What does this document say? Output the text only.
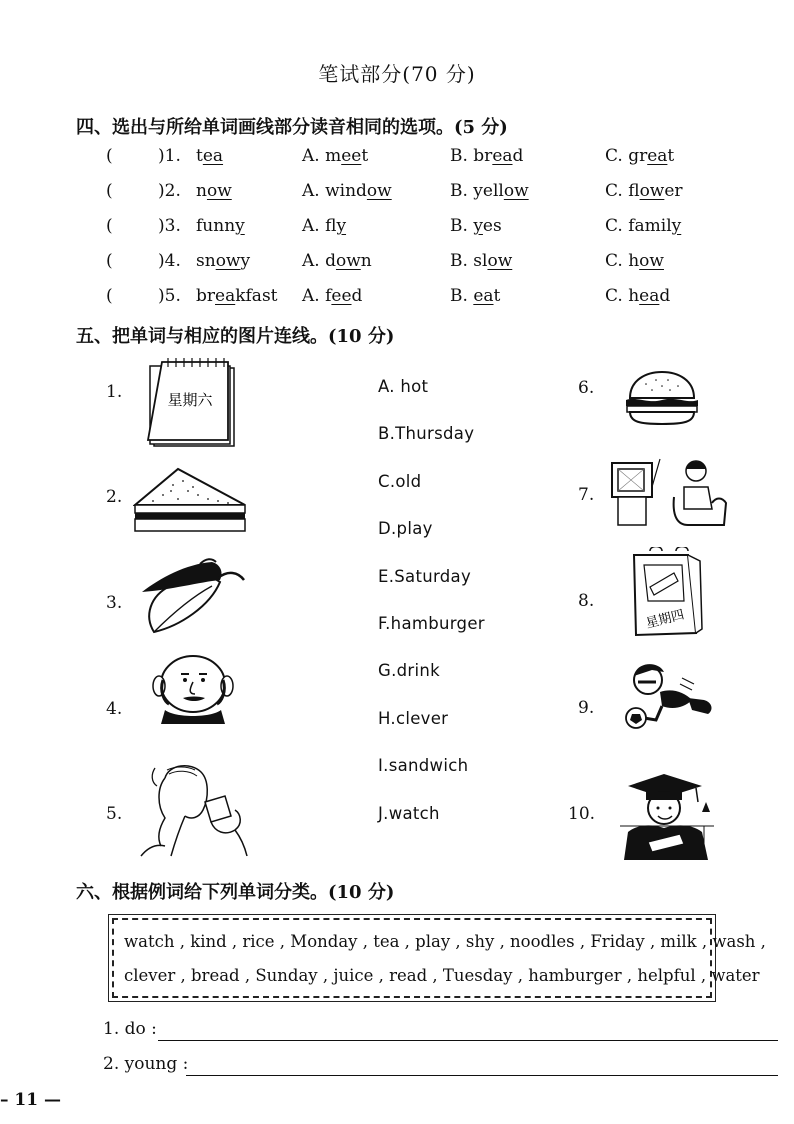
笔试部分(70 分)
四、选出与所给单词画线部分读音相同的选项。(5 分)
(	)1. tea	A. meet	B. bread	C. great
(	)2. now	A. window	B. yellow	C. flower
(	)3. funny	A. fly	B. yes	C. family
(	)4. snowy	A. down	B. slow	C. how
(	)5. breakfast A. feed	B. eat	C. head
五、把单词与相应的图片连线。(10 分)
1.
2.
3.
4.
5.
6.
7.
8.
9.
10.
A. hot
B.Thursday
C.old
D.play
E.Saturday
F.hamburger
G.drink
H.clever
I.sandwich
J.watch
星期六
星期四
六、根据例词给下列单词分类。(10 分)
watch , kind , rice , Monday , tea , play , shy , noodles , Friday , milk , wash ,
clever , bread , Sunday , juice , read , Tuesday , hamburger , helpful , water
1. do :
2. young :
– 11 —
